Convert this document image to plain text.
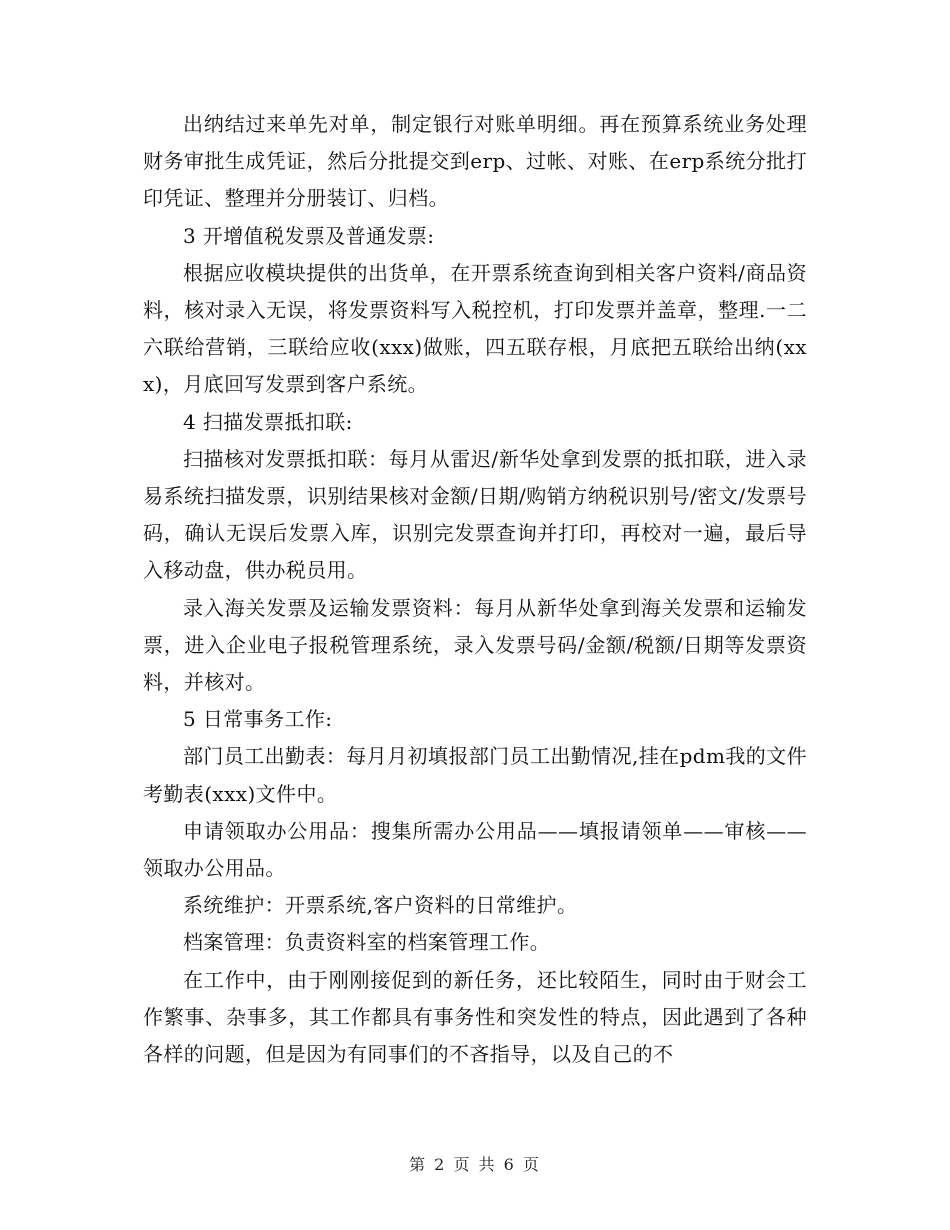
出纳结过来单先对单，制定银行对账单明细。再在预算系统业务处理财务审批生成凭证，然后分批提交到erp、过帐、对账、在erp系统分批打印凭证、整理并分册装订、归档。

3 开增值税发票及普通发票:

根据应收模块提供的出货单，在开票系统查询到相关客户资料/商品资料，核对录入无误，将发票资料写入税控机，打印发票并盖章，整理.一二六联给营销，三联给应收(xxx)做账，四五联存根，月底把五联给出纳(xxx)，月底回写发票到客户系统。

4 扫描发票抵扣联:

扫描核对发票抵扣联：每月从雷迟/新华处拿到发票的抵扣联，进入录易系统扫描发票，识别结果核对金额/日期/购销方纳税识别号/密文/发票号码，确认无误后发票入库，识别完发票查询并打印，再校对一遍，最后导入移动盘，供办税员用。

录入海关发票及运输发票资料：每月从新华处拿到海关发票和运输发票，进入企业电子报税管理系统，录入发票号码/金额/税额/日期等发票资料，并核对。

5 日常事务工作:

部门员工出勤表：每月月初填报部门员工出勤情况,挂在pdm我的文件考勤表(xxx)文件中。

申请领取办公用品：搜集所需办公用品——填报请领单——审核——领取办公用品。

系统维护：开票系统,客户资料的日常维护。

档案管理：负责资料室的档案管理工作。

在工作中，由于刚刚接促到的新任务，还比较陌生，同时由于财会工作繁事、杂事多，其工作都具有事务性和突发性的特点，因此遇到了各种各样的问题，但是因为有同事们的不吝指导，以及自己的不

第 2 页 共 6 页
